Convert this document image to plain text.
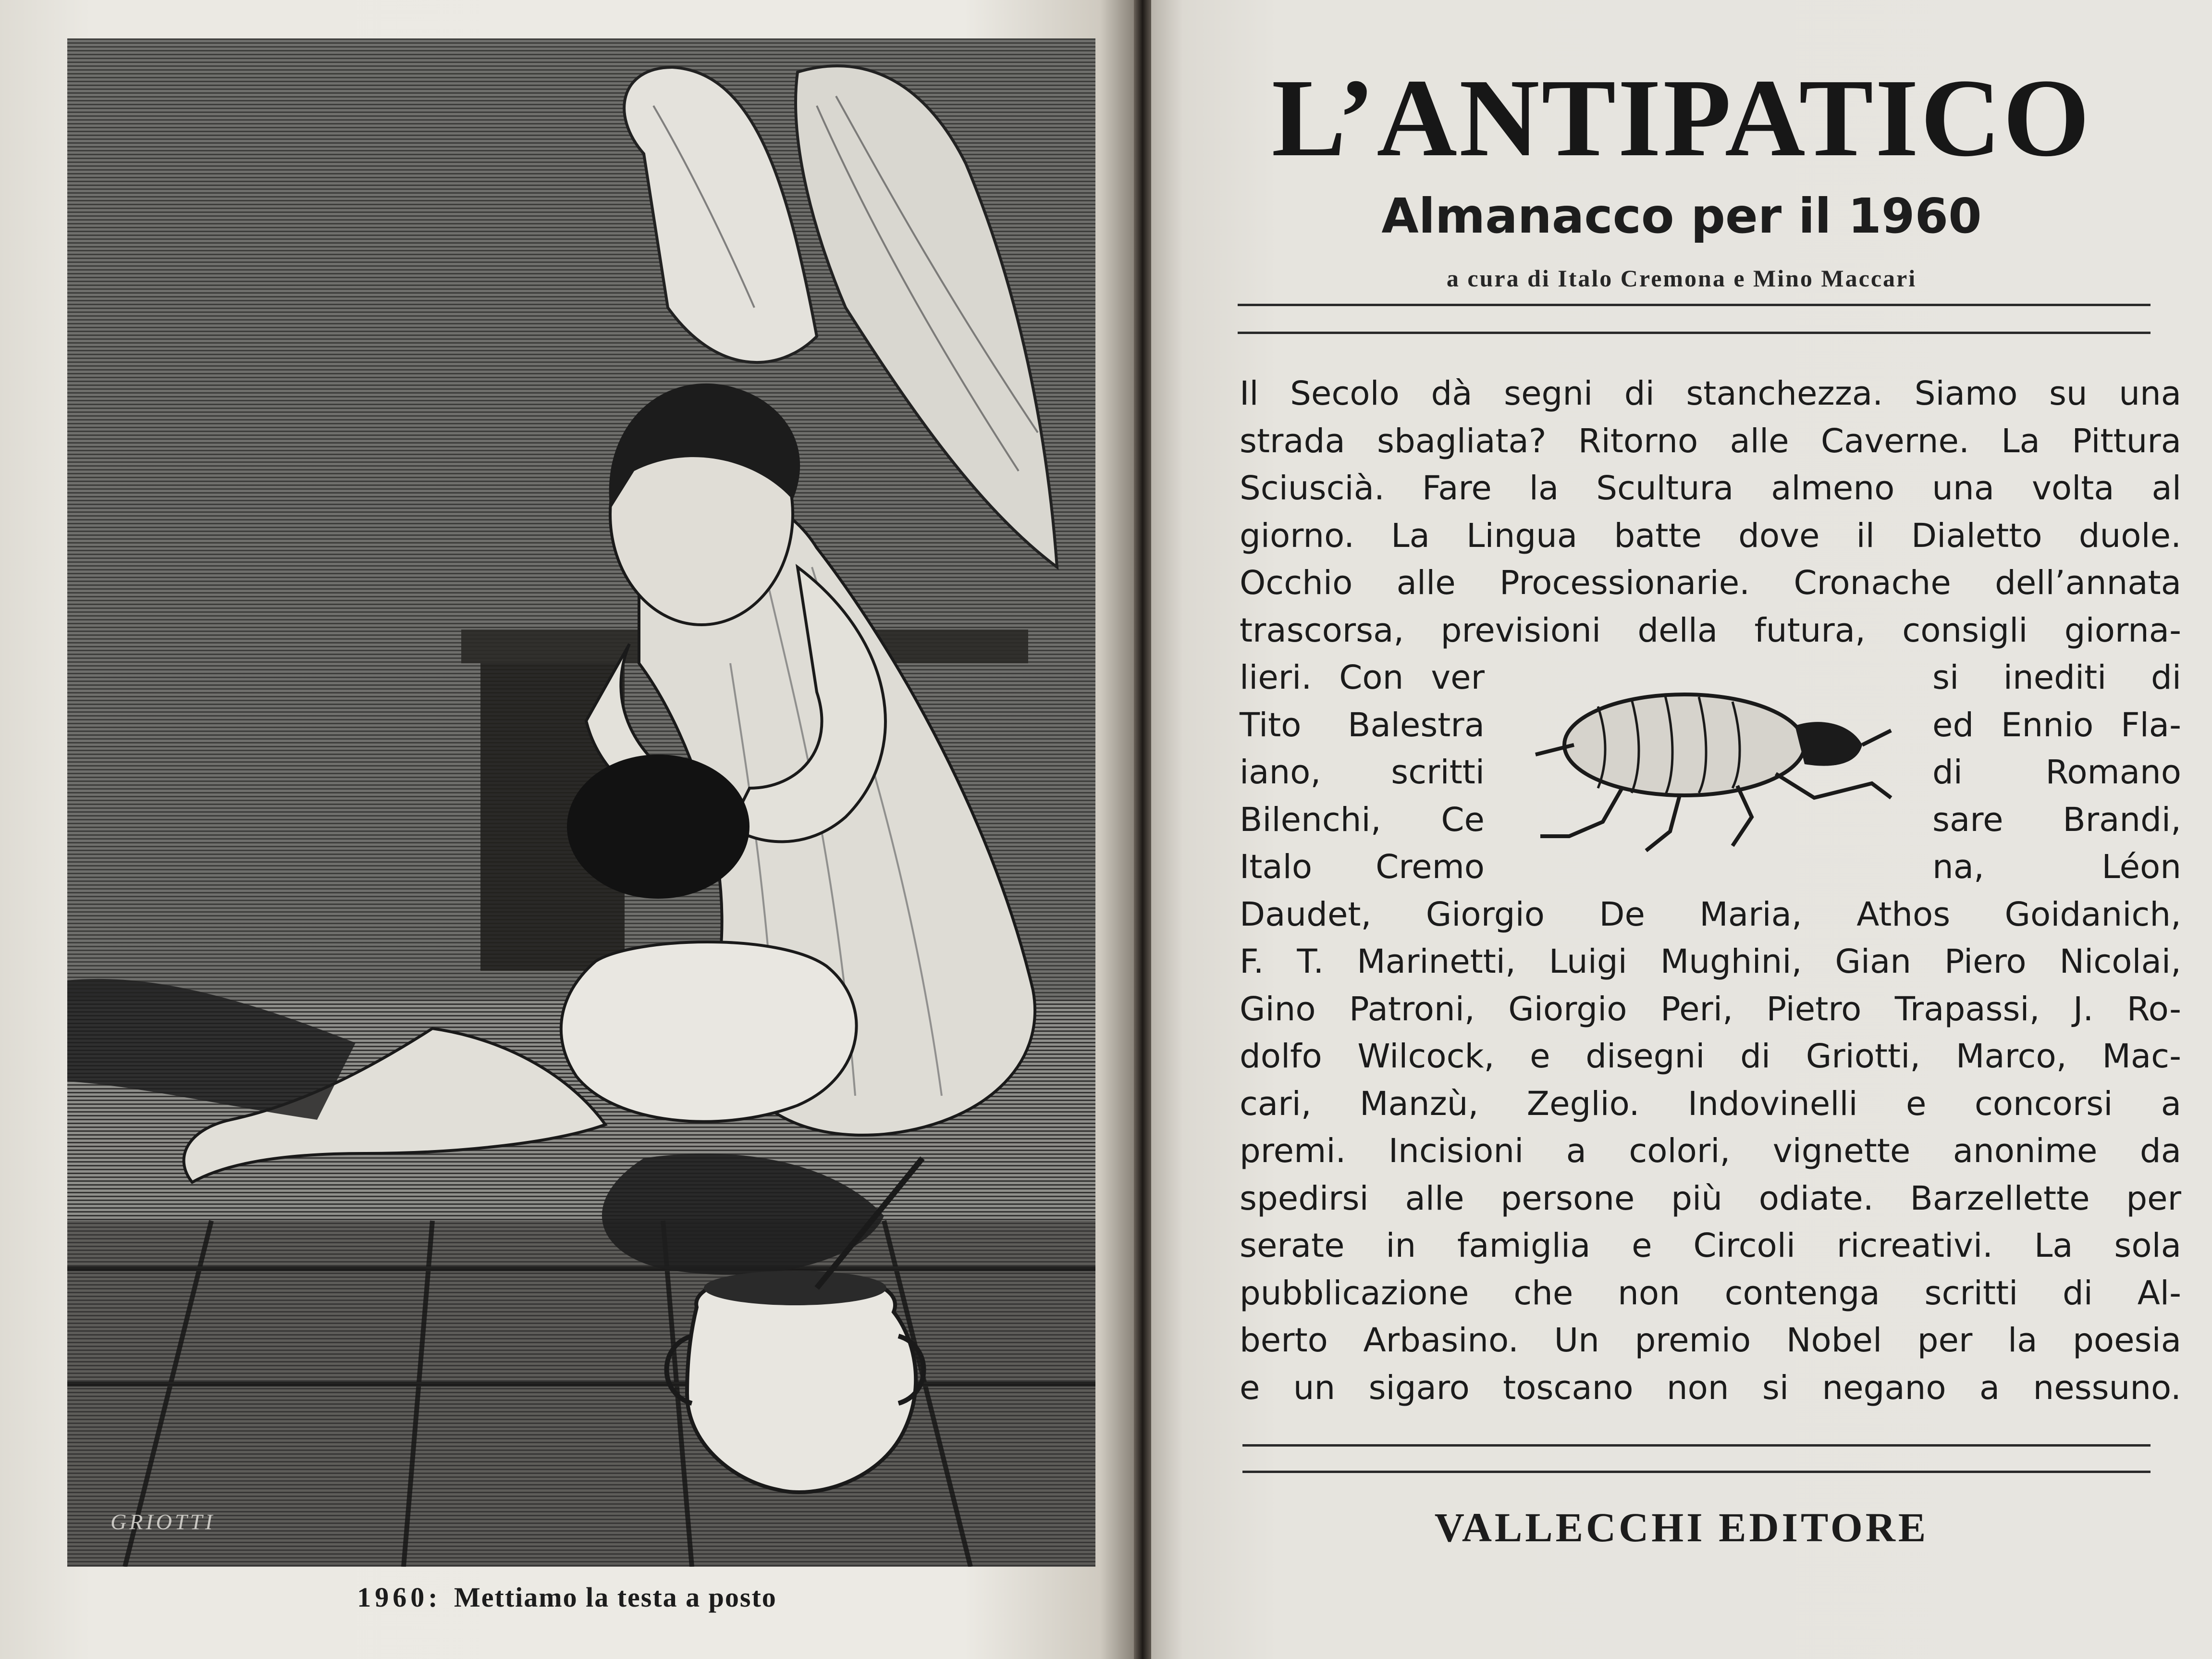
GRIOTTI
1960: Mettiamo la testa a posto
L’ANTIPATICO
Almanacco per il 1960
a cura di Italo Cremona e Mino Maccari
Il Secolo dà segni di stanchezza. Siamo su una
strada sbagliata? Ritorno alle Caverne. La Pittura
Sciuscià. Fare la Scultura almeno una volta al
giorno. La Lingua batte dove il Dialetto duole.
Occhio alle Processionarie. Cronache dell’annata
trascorsa, previsioni della futura, consigli giorna-
lieri. Con ver	si inediti di
Tito Balestra	ed Ennio Fla-
iano, scritti	di Romano
Bilenchi, Ce	sare Brandi,
Italo Cremo	na, Léon
Daudet, Giorgio De Maria, Athos Goidanich,
F. T. Marinetti, Luigi Mughini, Gian Piero Nicolai,
Gino Patroni, Giorgio Peri, Pietro Trapassi, J. Ro-
dolfo Wilcock, e disegni di Griotti, Marco, Mac-
cari, Manzù, Zeglio. Indovinelli e concorsi a
premi. Incisioni a colori, vignette anonime da
spedirsi alle persone più odiate. Barzellette per
serate in famiglia e Circoli ricreativi. La sola
pubblicazione che non contenga scritti di Al-
berto Arbasino. Un premio Nobel per la poesia
e un sigaro toscano non si negano a nessuno.
VALLECCHI EDITORE
